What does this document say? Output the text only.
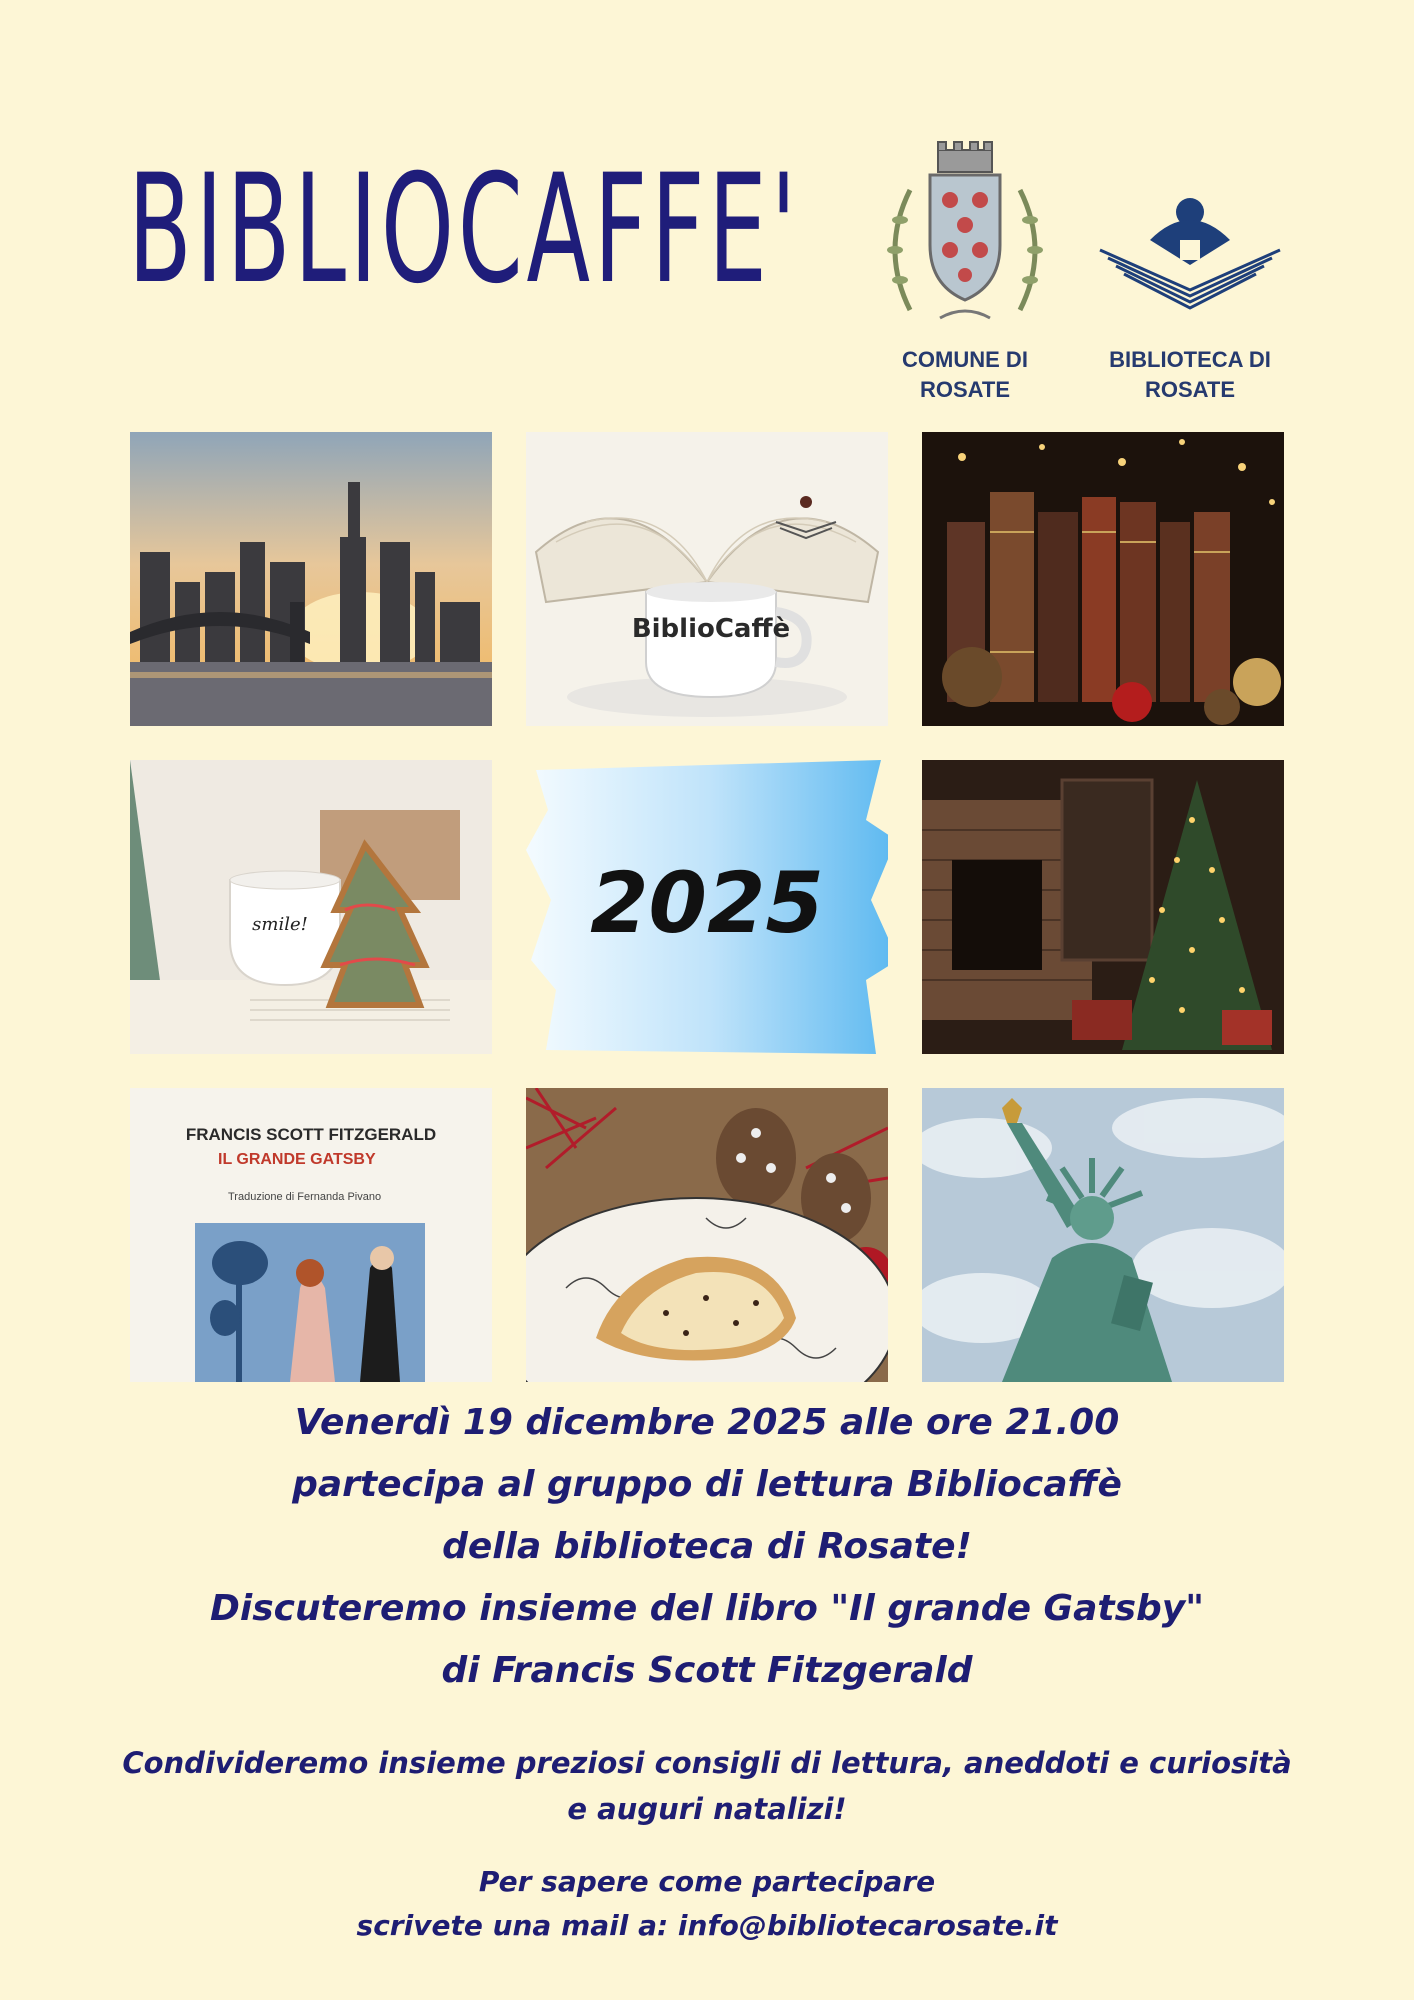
BIBLIOCAFFE'
COMUNE DI
ROSATE
BIBLIOTECA DI
ROSATE
BiblioCaffè
smile!	2025
FRANCIS SCOTT FITZGERALD
IL GRANDE GATSBY
Traduzione di Fernanda Pivano
Venerdì 19 dicembre 2025 alle ore 21.00
partecipa al gruppo di lettura Bibliocaffè
della biblioteca di Rosate!
Discuteremo insieme del libro "Il grande Gatsby"
di Francis Scott Fitzgerald
Condivideremo insieme preziosi consigli di lettura, aneddoti e curiosità
e auguri natalizi!
Per sapere come partecipare
scrivete una mail a: info@bibliotecarosate.it
